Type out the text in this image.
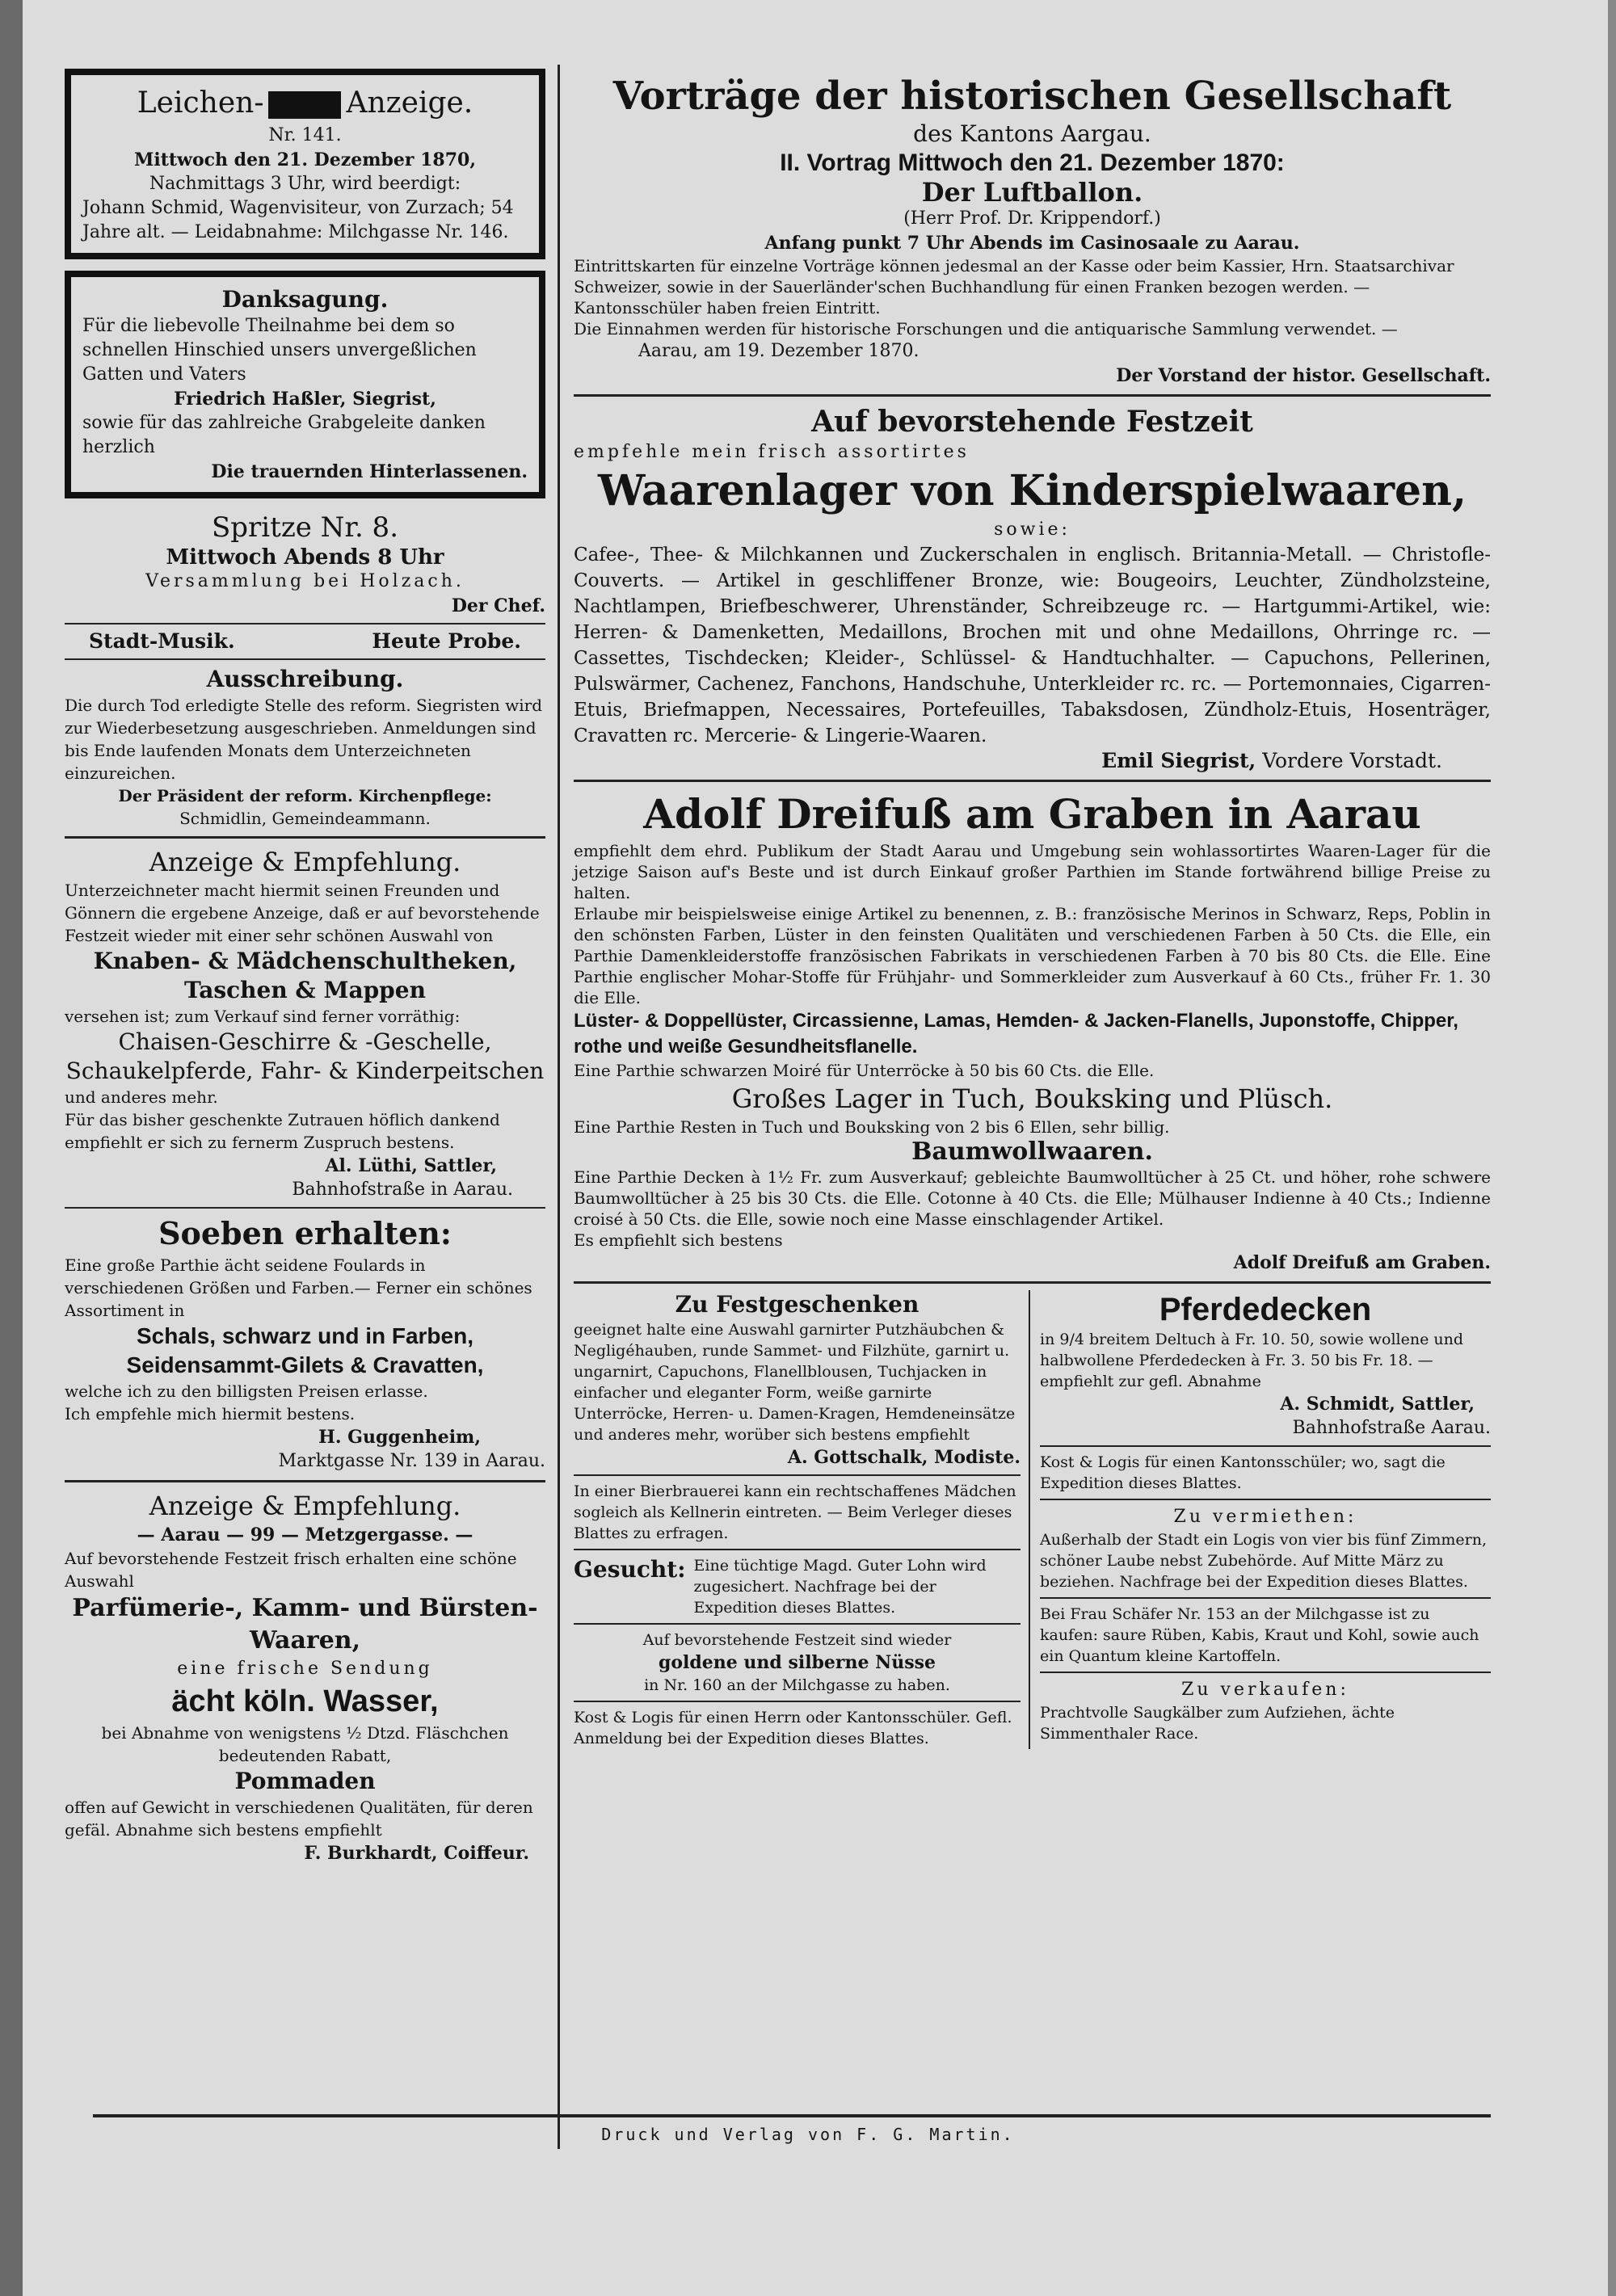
Leichen-	Anzeige.

Nr. 141.

Mittwoch den 21. Dezember 1870,

Nachmittags 3 Uhr, wird beerdigt:

Johann Schmid, Wagenvisiteur, von Zurzach; 54 Jahre alt. — Leidabnahme: Milchgasse Nr. 146.

Danksagung.

Für die liebevolle Theilnahme bei dem so schnellen Hinschied unsers unvergeßlichen Gatten und Vaters

Friedrich Haßler, Siegrist,

sowie für das zahlreiche Grabgeleite danken herzlich

Die trauernden Hinterlassenen.

Spritze Nr. 8.

Mittwoch Abends 8 Uhr

Versammlung bei Holzach.

Der Chef.

Stadt-Musik.	Heute Probe.

Ausschreibung.

Die durch Tod erledigte Stelle des reform. Siegristen wird zur Wiederbesetzung ausgeschrieben. Anmeldungen sind bis Ende laufenden Monats dem Unterzeichneten einzureichen.

Der Präsident der reform. Kirchenpflege:

Schmidlin, Gemeindeammann.

Anzeige & Empfehlung.

Unterzeichneter macht hiermit seinen Freunden und Gönnern die ergebene Anzeige, daß er auf bevorstehende Festzeit wieder mit einer sehr schönen Auswahl von

Knaben- & Mädchenschultheken,

Taschen & Mappen

versehen ist; zum Verkauf sind ferner vorräthig:

Chaisen-Geschirre & -Geschelle, Schaukelpferde, Fahr- & Kinderpeitschen

und anderes mehr.

Für das bisher geschenkte Zutrauen höflich dankend empfiehlt er sich zu fernerm Zuspruch bestens.

Al. Lüthi, Sattler,

Bahnhofstraße in Aarau.

Soeben erhalten:

Eine große Parthie ächt seidene Foulards in verschiedenen Größen und Farben.— Ferner ein schönes Assortiment in

Schals, schwarz und in Farben,

Seidensammt-Gilets & Cravatten,

welche ich zu den billigsten Preisen erlasse.

Ich empfehle mich hiermit bestens.

H. Guggenheim,

Marktgasse Nr. 139 in Aarau.

Anzeige & Empfehlung.

— Aarau — 99 — Metzgergasse. —

Auf bevorstehende Festzeit frisch erhalten eine schöne Auswahl

Parfümerie-, Kamm- und Bürsten-Waaren,

eine frische Sendung

ächt köln. Wasser,

bei Abnahme von wenigstens ½ Dtzd. Fläschchen bedeutenden Rabatt,

Pommaden

offen auf Gewicht in verschiedenen Qualitäten, für deren gefäl. Abnahme sich bestens empfiehlt

F. Burkhardt, Coiffeur.

Vorträge der historischen Gesellschaft

des Kantons Aargau.

II. Vortrag Mittwoch den 21. Dezember 1870:

Der Luftballon.

(Herr Prof. Dr. Krippendorf.)

Anfang punkt 7 Uhr Abends im Casinosaale zu Aarau.

Eintrittskarten für einzelne Vorträge können jedesmal an der Kasse oder beim Kassier, Hrn. Staatsarchivar Schweizer, sowie in der Sauerländer'schen Buchhandlung für einen Franken bezogen werden. — Kantonsschüler haben freien Eintritt.

Die Einnahmen werden für historische Forschungen und die antiquarische Sammlung verwendet. —

Aarau, am 19. Dezember 1870.

Der Vorstand der histor. Gesellschaft.

Auf bevorstehende Festzeit

empfehle mein frisch assortirtes

Waarenlager von Kinderspielwaaren,

sowie:

Cafee-, Thee- & Milchkannen und Zuckerschalen in englisch. Britannia-Metall. — Christofle-Couverts. — Artikel in geschliffener Bronze, wie: Bougeoirs, Leuchter, Zündholzsteine, Nachtlampen, Briefbeschwerer, Uhrenständer, Schreibzeuge rc. — Hartgummi-Artikel, wie: Herren- & Damenketten, Medaillons, Brochen mit und ohne Medaillons, Ohrringe rc. — Cassettes, Tischdecken; Kleider-, Schlüssel- & Handtuchhalter. — Capuchons, Pellerinen, Pulswärmer, Cachenez, Fanchons, Handschuhe, Unterkleider rc. rc. — Portemonnaies, Cigarren-Etuis, Briefmappen, Necessaires, Portefeuilles, Tabaksdosen, Zündholz-Etuis, Hosenträger, Cravatten rc. Mercerie- & Lingerie-Waaren.

Emil Siegrist, Vordere Vorstadt.

Adolf Dreifuß am Graben in Aarau

empfiehlt dem ehrd. Publikum der Stadt Aarau und Umgebung sein wohlassortirtes Waaren-Lager für die jetzige Saison auf's Beste und ist durch Einkauf großer Parthien im Stande fortwährend billige Preise zu halten.

Erlaube mir beispielsweise einige Artikel zu benennen, z. B.: französische Merinos in Schwarz, Reps, Poblin in den schönsten Farben, Lüster in den feinsten Qualitäten und verschiedenen Farben à 50 Cts. die Elle, ein Parthie Damenkleiderstoffe französischen Fabrikats in verschiedenen Farben à 70 bis 80 Cts. die Elle. Eine Parthie englischer Mohar-Stoffe für Frühjahr- und Sommerkleider zum Ausverkauf à 60 Cts., früher Fr. 1. 30 die Elle.

Lüster- & Doppellüster, Circassienne, Lamas, Hemden- & Jacken-Flanells, Juponstoffe, Chipper, rothe und weiße Gesundheitsflanelle.

Eine Parthie schwarzen Moiré für Unterröcke à 50 bis 60 Cts. die Elle.

Großes Lager in Tuch, Bouksking und Plüsch.

Eine Parthie Resten in Tuch und Bouksking von 2 bis 6 Ellen, sehr billig.

Baumwollwaaren.

Eine Parthie Decken à 1½ Fr. zum Ausverkauf; gebleichte Baumwolltücher à 25 Ct. und höher, rohe schwere Baumwolltücher à 25 bis 30 Cts. die Elle. Cotonne à 40 Cts. die Elle; Mülhauser Indienne à 40 Cts.; Indienne croisé à 50 Cts. die Elle, sowie noch eine Masse einschlagender Artikel.

Es empfiehlt sich bestens

Adolf Dreifuß am Graben.

Zu Festgeschenken

geeignet halte eine Auswahl garnirter Putzhäubchen & Negligéhauben, runde Sammet- und Filzhüte, garnirt u. ungarnirt, Capuchons, Flanellblousen, Tuchjacken in einfacher und eleganter Form, weiße garnirte Unterröcke, Herren- u. Damen-Kragen, Hemdeneinsätze und anderes mehr, worüber sich bestens empfiehlt

A. Gottschalk, Modiste.

In einer Bierbrauerei kann ein rechtschaffenes Mädchen sogleich als Kellnerin eintreten. — Beim Verleger dieses Blattes zu erfragen.

Gesucht: Eine tüchtige Magd. Guter Lohn wird zugesichert. Nachfrage bei der Expedition dieses Blattes.

Auf bevorstehende Festzeit sind wieder

goldene und silberne Nüsse

in Nr. 160 an der Milchgasse zu haben.

Kost & Logis für einen Herrn oder Kantonsschüler. Gefl. Anmeldung bei der Expedition dieses Blattes.

Pferdedecken

in 9/4 breitem Deltuch à Fr. 10. 50, sowie wollene und halbwollene Pferdedecken à Fr. 3. 50 bis Fr. 18. — empfiehlt zur gefl. Abnahme

A. Schmidt, Sattler,

Bahnhofstraße Aarau.

Kost & Logis für einen Kantonsschüler; wo, sagt die Expedition dieses Blattes.

Zu vermiethen:

Außerhalb der Stadt ein Logis von vier bis fünf Zimmern, schöner Laube nebst Zubehörde. Auf Mitte März zu beziehen. Nachfrage bei der Expedition dieses Blattes.

Bei Frau Schäfer Nr. 153 an der Milchgasse ist zu kaufen: saure Rüben, Kabis, Kraut und Kohl, sowie auch ein Quantum kleine Kartoffeln.

Zu verkaufen:

Prachtvolle Saugkälber zum Aufziehen, ächte Simmenthaler Race.

Druck und Verlag von F. G. Martin.
